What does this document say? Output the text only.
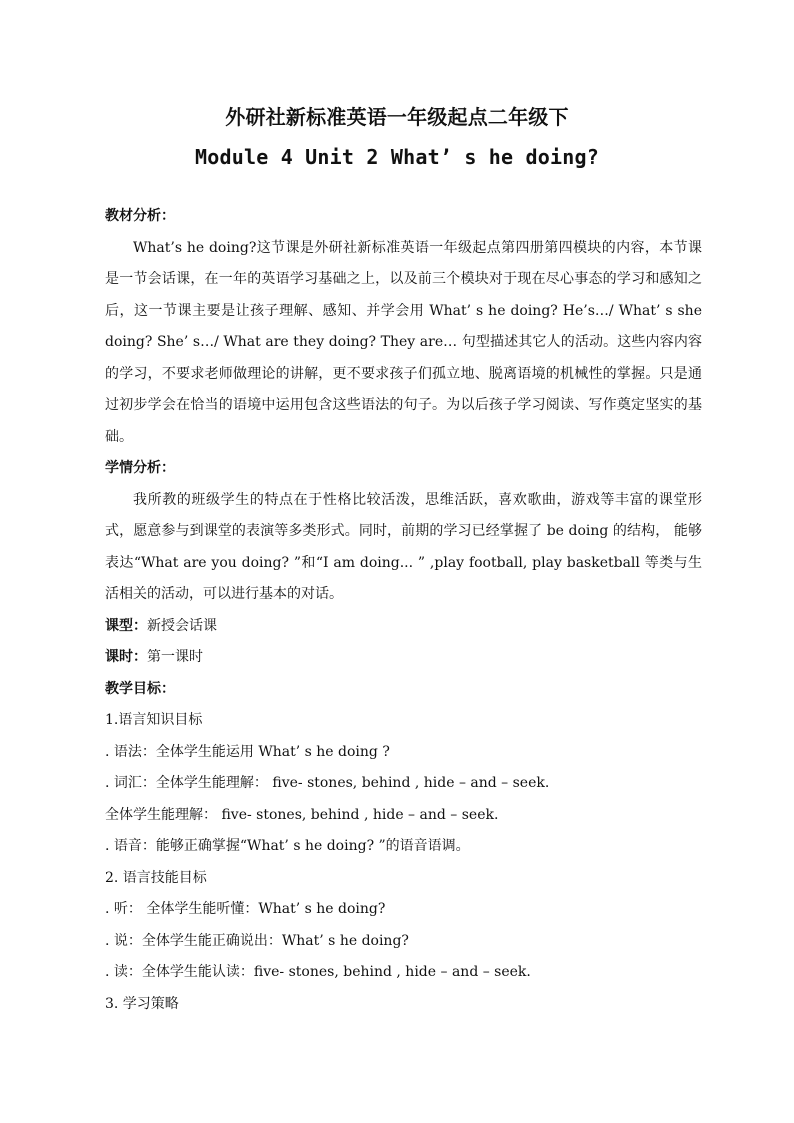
外研社新标准英语一年级起点二年级下
Module 4 Unit 2 What’ s he doing?
教材分析：
What’s he doing?这节课是外研社新标准英语一年级起点第四册第四模块的内容，本节课是一节会话课，在一年的英语学习基础之上，以及前三个模块对于现在尽心事态的学习和感知之后，这一节课主要是让孩子理解、感知、并学会用 What’ s he doing? He’s…/ What’ s she doing? She’ s…/ What are they doing? They are… 句型描述其它人的活动。这些内容内容的学习，不要求老师做理论的讲解，更不要求孩子们孤立地、脱离语境的机械性的掌握。只是通过初步学会在恰当的语境中运用包含这些语法的句子。为以后孩子学习阅读、写作奠定坚实的基础。
学情分析：
我所教的班级学生的特点在于性格比较活泼，思维活跃，喜欢歌曲，游戏等丰富的课堂形式，愿意参与到课堂的表演等多类形式。同时，前期的学习已经掌握了 be doing 的结构， 能够表达“What are you doing? ”和“I am doing... ” ,play football, play basketball 等类与生活相关的活动，可以进行基本的对话。
课型：新授会话课
课时：第一课时
教学目标：
1.语言知识目标
. 语法：全体学生能运用 What’ s he doing ?
. 词汇：全体学生能理解： five- stones, behind , hide – and – seek.
全体学生能理解： five- stones, behind , hide – and – seek.
. 语音：能够正确掌握“What’ s he doing? ”的语音语调。
2. 语言技能目标
. 听： 全体学生能听懂：What’ s he doing?
. 说：全体学生能正确说出：What’ s he doing?
. 读：全体学生能认读：five- stones, behind , hide – and – seek.
3. 学习策略
